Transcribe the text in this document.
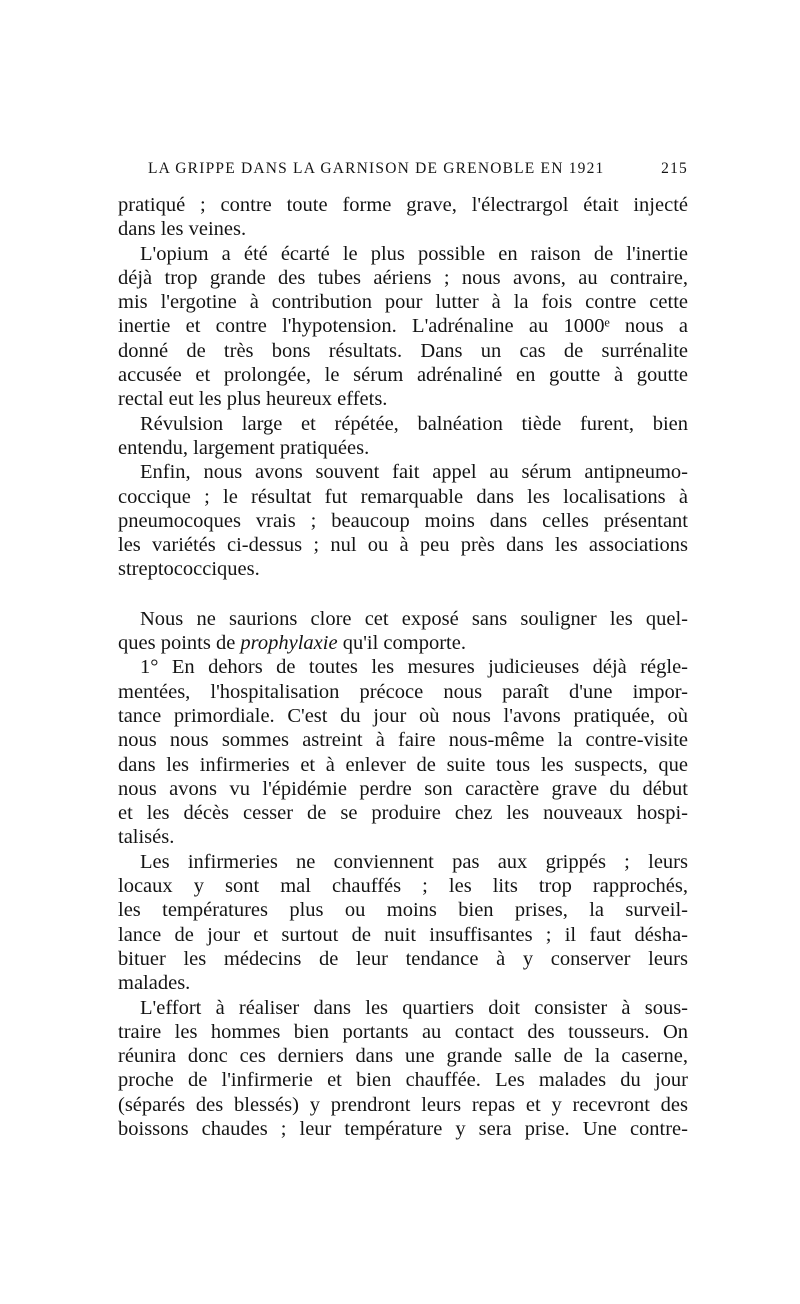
LA GRIPPE DANS LA GARNISON DE GRENOBLE EN 1921	215
pratiqué ; contre toute forme grave, l'électrargol était injecté
dans les veines.
L'opium a été écarté le plus possible en raison de l'inertie
déjà trop grande des tubes aériens ; nous avons, au contraire,
mis l'ergotine à contribution pour lutter à la fois contre cette
inertie et contre l'hypotension. L'adrénaline au 1000ᵉ nous a
donné de très bons résultats. Dans un cas de surrénalite
accusée et prolongée, le sérum adrénaliné en goutte à goutte
rectal eut les plus heureux effets.
Révulsion large et répétée, balnéation tiède furent, bien
entendu, largement pratiquées.
Enfin, nous avons souvent fait appel au sérum antipneumo-
coccique ; le résultat fut remarquable dans les localisations à
pneumocoques vrais ; beaucoup moins dans celles présentant
les variétés ci-dessus ; nul ou à peu près dans les associations
streptococciques.
Nous ne saurions clore cet exposé sans souligner les quel-
ques points de prophylaxie qu'il comporte.
1° En dehors de toutes les mesures judicieuses déjà régle-
mentées, l'hospitalisation précoce nous paraît d'une impor-
tance primordiale. C'est du jour où nous l'avons pratiquée, où
nous nous sommes astreint à faire nous-même la contre-visite
dans les infirmeries et à enlever de suite tous les suspects, que
nous avons vu l'épidémie perdre son caractère grave du début
et les décès cesser de se produire chez les nouveaux hospi-
talisés.
Les infirmeries ne conviennent pas aux grippés ; leurs
locaux y sont mal chauffés ; les lits trop rapprochés,
les températures plus ou moins bien prises, la surveil-
lance de jour et surtout de nuit insuffisantes ; il faut désha-
bituer les médecins de leur tendance à y conserver leurs
malades.
L'effort à réaliser dans les quartiers doit consister à sous-
traire les hommes bien portants au contact des tousseurs. On
réunira donc ces derniers dans une grande salle de la caserne,
proche de l'infirmerie et bien chauffée. Les malades du jour
(séparés des blessés) y prendront leurs repas et y recevront des
boissons chaudes ; leur température y sera prise. Une contre-
